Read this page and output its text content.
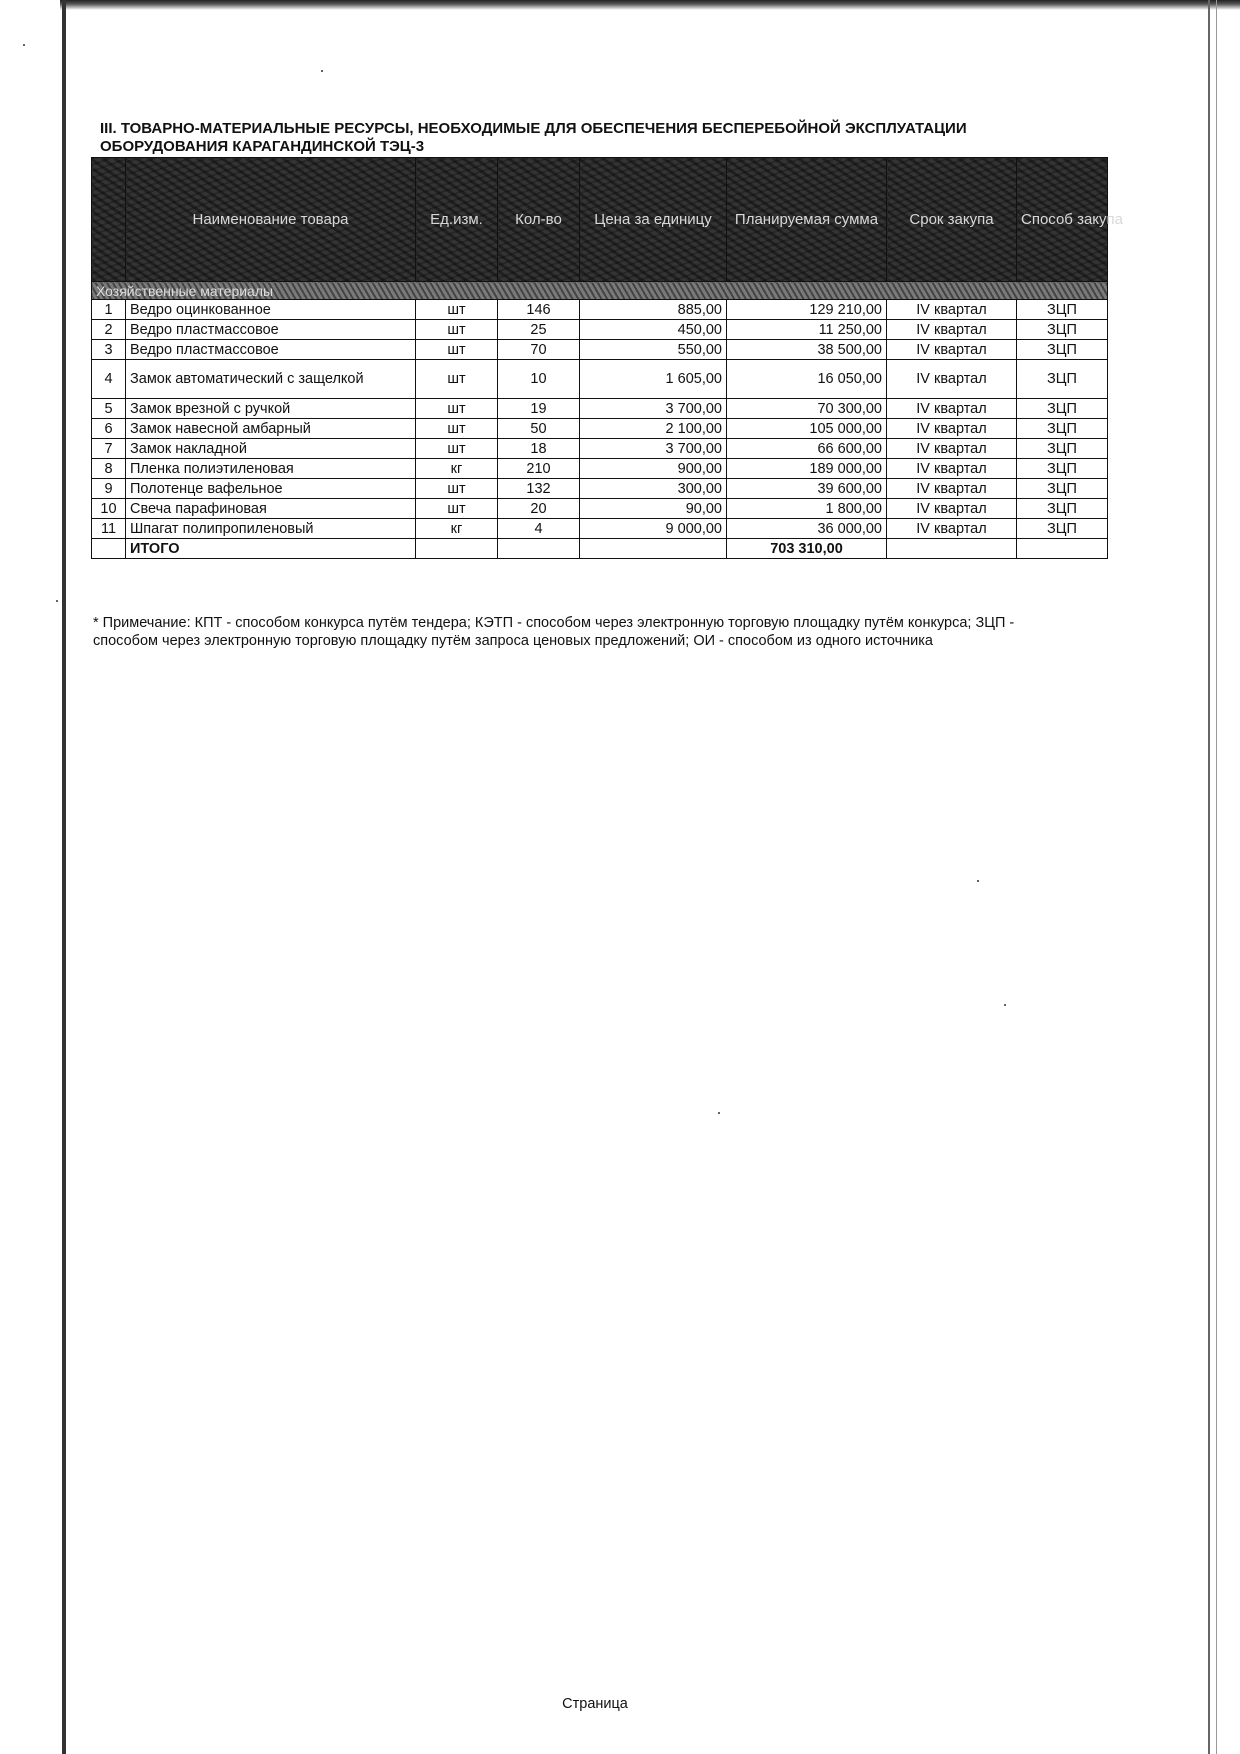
III. ТОВАРНО-МАТЕРИАЛЬНЫЕ РЕСУРСЫ, НЕОБХОДИМЫЕ ДЛЯ ОБЕСПЕЧЕНИЯ БЕСПЕРЕБОЙНОЙ ЭКСПЛУАТАЦИИ
ОБОРУДОВАНИЯ КАРАГАНДИНСКОЙ ТЭЦ-3
	Наименование товара	Ед.изм.	Кол-во	Цена за единицу	Планируемая сумма	Срок закупа	Способ закупа
Хозяйственные материалы							
1	Ведро оцинкованное	шт	146	885,00	129 210,00	IV квартал	ЗЦП
2	Ведро пластмассовое	шт	25	450,00	11 250,00	IV квартал	ЗЦП
3	Ведро пластмассовое	шт	70	550,00	38 500,00	IV квартал	ЗЦП
4	Замок автоматический с защелкой	шт	10	1 605,00	16 050,00	IV квартал	ЗЦП
5	Замок врезной с ручкой	шт	19	3 700,00	70 300,00	IV квартал	ЗЦП
6	Замок навесной амбарный	шт	50	2 100,00	105 000,00	IV квартал	ЗЦП
7	Замок накладной	шт	18	3 700,00	66 600,00	IV квартал	ЗЦП
8	Пленка полиэтиленовая	кг	210	900,00	189 000,00	IV квартал	ЗЦП
9	Полотенце вафельное	шт	132	300,00	39 600,00	IV квартал	ЗЦП
10	Свеча парафиновая	шт	20	90,00	1 800,00	IV квартал	ЗЦП
11	Шпагат полипропиленовый	кг	4	9 000,00	36 000,00	IV квартал	ЗЦП
	ИТОГО				703 310,00		

* Примечание: КПТ - способом конкурса путём тендера; КЭТП - способом через электронную торговую площадку путём конкурса; ЗЦП - способом через электронную торговую площадку путём запроса ценовых предложений; ОИ - способом из одного источника

Страница
